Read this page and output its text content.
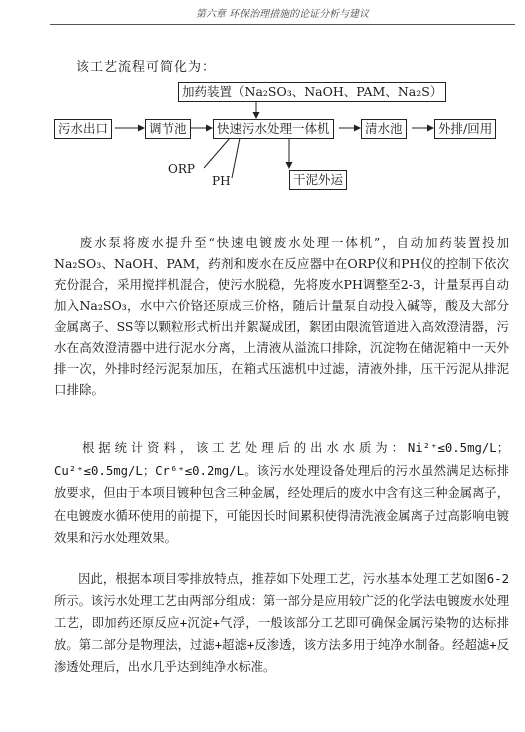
第六章 环保治理措施的论证分析与建议
该工艺流程可简化为：
加药装置（Na₂SO₃、NaOH、PAM、Na₂S）
污水出口	调节池	快速污水处理一体机	清水池	外排/回用
ORP
PH	干泥外运

废水泵将废水提升至“快速电镀废水处理一体机”，自动加药装置投加Na₂SO₃、NaOH、PAM，药剂和废水在反应器中在ORP仪和PH仪的控制下依次充份混合，采用搅拌机混合，使污水脱稳，先将废水PH调整至2-3，计量泵再自动加入Na₂SO₃，水中六价铬还原成三价格，随后计量泵自动投入碱等，酸及大部分金属离子、SS等以颗粒形式析出并絮凝成团，絮团由限流管道进入高效澄清器，污水在高效澄清器中进行泥水分离，上清液从溢流口排除，沉淀物在储泥箱中一天外排一次，外排时经污泥泵加压，在箱式压滤机中过滤，清液外排，压干污泥从排泥口排除。

根据统计资料，该工艺处理后的出水水质为：Ni²⁺≤0.5mg/L；Cu²⁺≤0.5mg/L；Cr⁶⁺≤0.2mg/L。该污水处理设备处理后的污水虽然满足达标排放要求，但由于本项目镀种包含三种金属，经处理后的废水中含有这三种金属离子，在电镀废水循环使用的前提下，可能因长时间累积使得清洗液金属离子过高影响电镀效果和污水处理效果。

因此，根据本项目零排放特点，推荐如下处理工艺，污水基本处理工艺如图6-2所示。该污水处理工艺由两部分组成：第一部分是应用较广泛的化学法电镀废水处理工艺，即加药还原反应+沉淀+气浮，一般该部分工艺即可确保金属污染物的达标排放。第二部分是物理法，过滤+超滤+反渗透，该方法多用于纯净水制备。经超滤+反渗透处理后，出水几乎达到纯净水标准。
